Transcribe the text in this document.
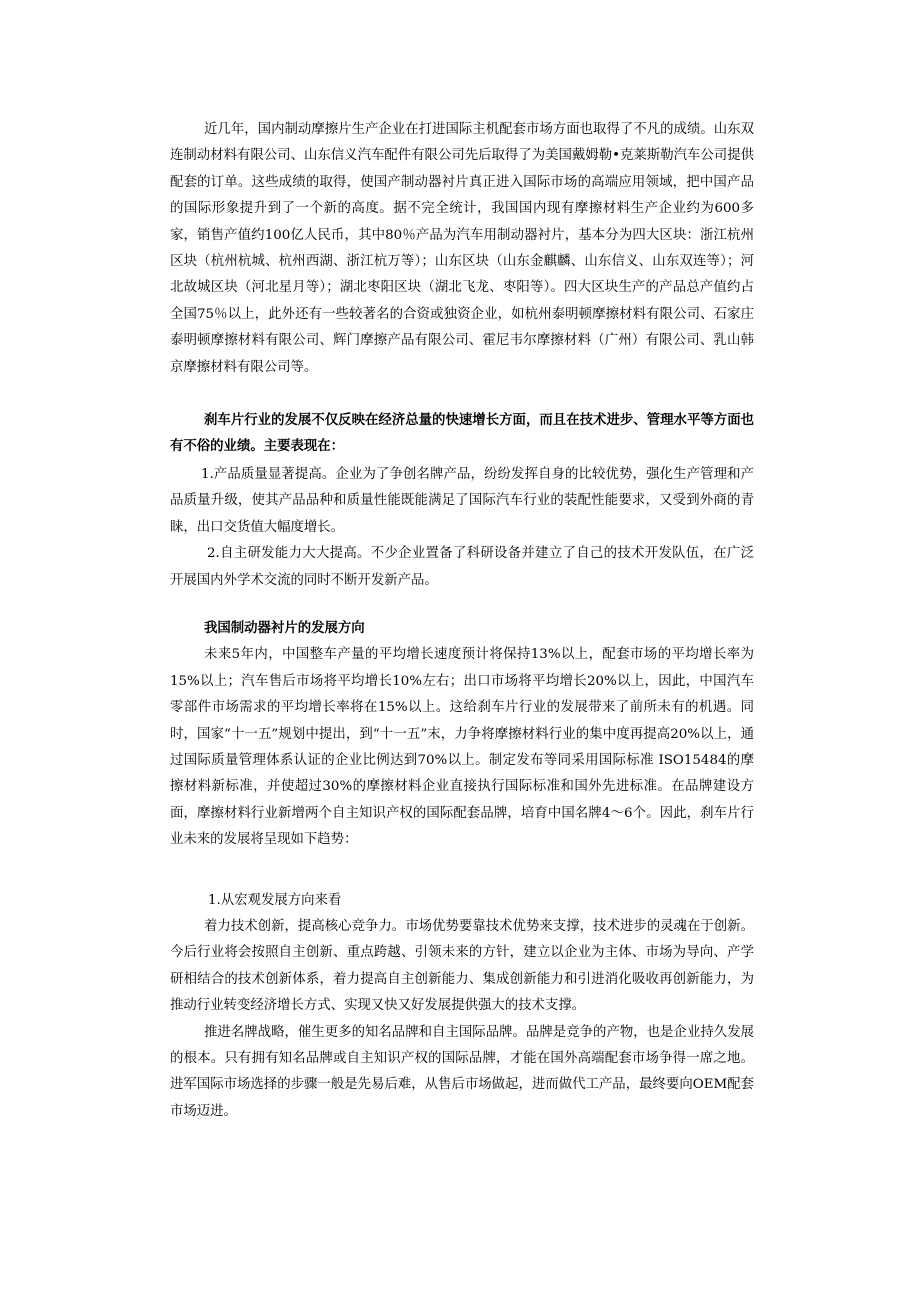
近几年，国内制动摩擦片生产企业在打进国际主机配套市场方面也取得了不凡的成绩。山东双连制动材料有限公司、山东信义汽车配件有限公司先后取得了为美国戴姆勒•克莱斯勒汽车公司提供配套的订单。这些成绩的取得，使国产制动器衬片真正进入国际市场的高端应用领域，把中国产品的国际形象提升到了一个新的高度。据不完全统计，我国国内现有摩擦材料生产企业约为600多家，销售产值约100亿人民币，其中80％产品为汽车用制动器衬片，基本分为四大区块：浙江杭州区块（杭州杭城、杭州西湖、浙江杭万等）；山东区块（山东金麒麟、山东信义、山东双连等）；河北故城区块（河北星月等）；湖北枣阳区块（湖北飞龙、枣阳等）。四大区块生产的产品总产值约占全国75％以上，此外还有一些较著名的合资或独资企业，如杭州泰明顿摩擦材料有限公司、石家庄泰明顿摩擦材料有限公司、辉门摩擦产品有限公司、霍尼韦尔摩擦材料（广州）有限公司、乳山韩京摩擦材料有限公司等。

刹车片行业的发展不仅反映在经济总量的快速增长方面，而且在技术进步、管理水平等方面也有不俗的业绩。主要表现在：

1.产品质量显著提高。企业为了争创名牌产品，纷纷发挥自身的比较优势，强化生产管理和产品质量升级，使其产品品种和质量性能既能满足了国际汽车行业的装配性能要求，又受到外商的青睐，出口交货值大幅度增长。

2.自主研发能力大大提高。不少企业置备了科研设备并建立了自己的技术开发队伍，在广泛开展国内外学术交流的同时不断开发新产品。

我国制动器衬片的发展方向

未来5年内，中国整车产量的平均增长速度预计将保持13%以上，配套市场的平均增长率为15%以上；汽车售后市场将平均增长10%左右；出口市场将平均增长20%以上，因此，中国汽车零部件市场需求的平均增长率将在15%以上。这给刹车片行业的发展带来了前所未有的机遇。同时，国家“十一五”规划中提出，到“十一五”末，力争将摩擦材料行业的集中度再提高20%以上，通过国际质量管理体系认证的企业比例达到70%以上。制定发布等同采用国际标准 ISO15484的摩擦材料新标准，并使超过30%的摩擦材料企业直接执行国际标准和国外先进标准。在品牌建设方面，摩擦材料行业新增两个自主知识产权的国际配套品牌，培育中国名牌4～6个。因此，刹车片行业未来的发展将呈现如下趋势：

1.从宏观发展方向来看

着力技术创新，提高核心竞争力。市场优势要靠技术优势来支撑，技术进步的灵魂在于创新。今后行业将会按照自主创新、重点跨越、引领未来的方针，建立以企业为主体、市场为导向、产学研相结合的技术创新体系，着力提高自主创新能力、集成创新能力和引进消化吸收再创新能力，为推动行业转变经济增长方式、实现又快又好发展提供强大的技术支撑。

推进名牌战略，催生更多的知名品牌和自主国际品牌。品牌是竞争的产物，也是企业持久发展的根本。只有拥有知名品牌或自主知识产权的国际品牌，才能在国外高端配套市场争得一席之地。进军国际市场选择的步骤一般是先易后难，从售后市场做起，进而做代工产品，最终要向OEM配套市场迈进。
